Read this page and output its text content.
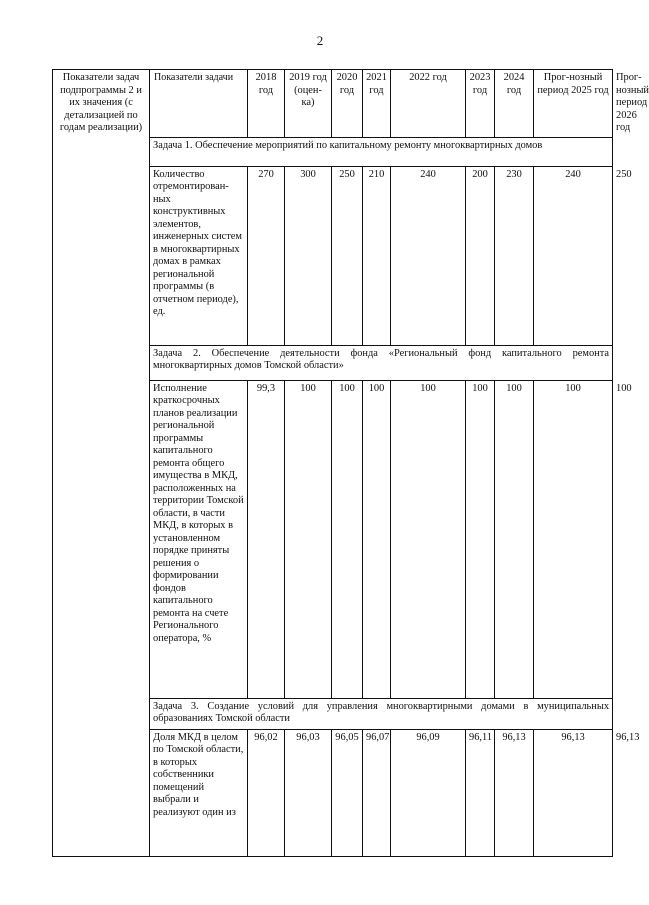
2
Показатели задач подпрограммы 2 и их значения (с детализацией по годам реализации)	Показатели задачи	2018 год	2019 год (оцен-ка)	2020 год	2021 год	2022 год	2023 год	2024 год	Прог-нозный период 2025 год	Прог-нозный период 2026 год
	Задача 1. Обеспечение мероприятий по капитальному ремонту многоквартирных домов									
	Количество отремонтирован-ных конструктивных элементов, инженерных систем в многоквартирных домах в рамках региональной программы (в отчетном периоде), ед.	270	300	250	210	240	200	230	240	250
	Задача 2. Обеспечение деятельности фонда «Региональный фонд капитального ремонта многоквартирных домов Томской области»									
	Исполнение краткосрочных планов реализации региональной программы капитального ремонта общего имущества в МКД, расположенных на территории Томской области, в части МКД, в которых в установленном порядке приняты решения о формировании фондов капитального ремонта на счете Регионального оператора, %	99,3	100	100	100	100	100	100	100	100
	Задача 3. Создание условий для управления многоквартирными домами в муниципальных образованиях Томской области									
	Доля МКД в целом по Томской области, в которых собственники помещений выбрали и реализуют один из	96,02	96,03	96,05	96,07	96,09	96,11	96,13	96,13	96,13
